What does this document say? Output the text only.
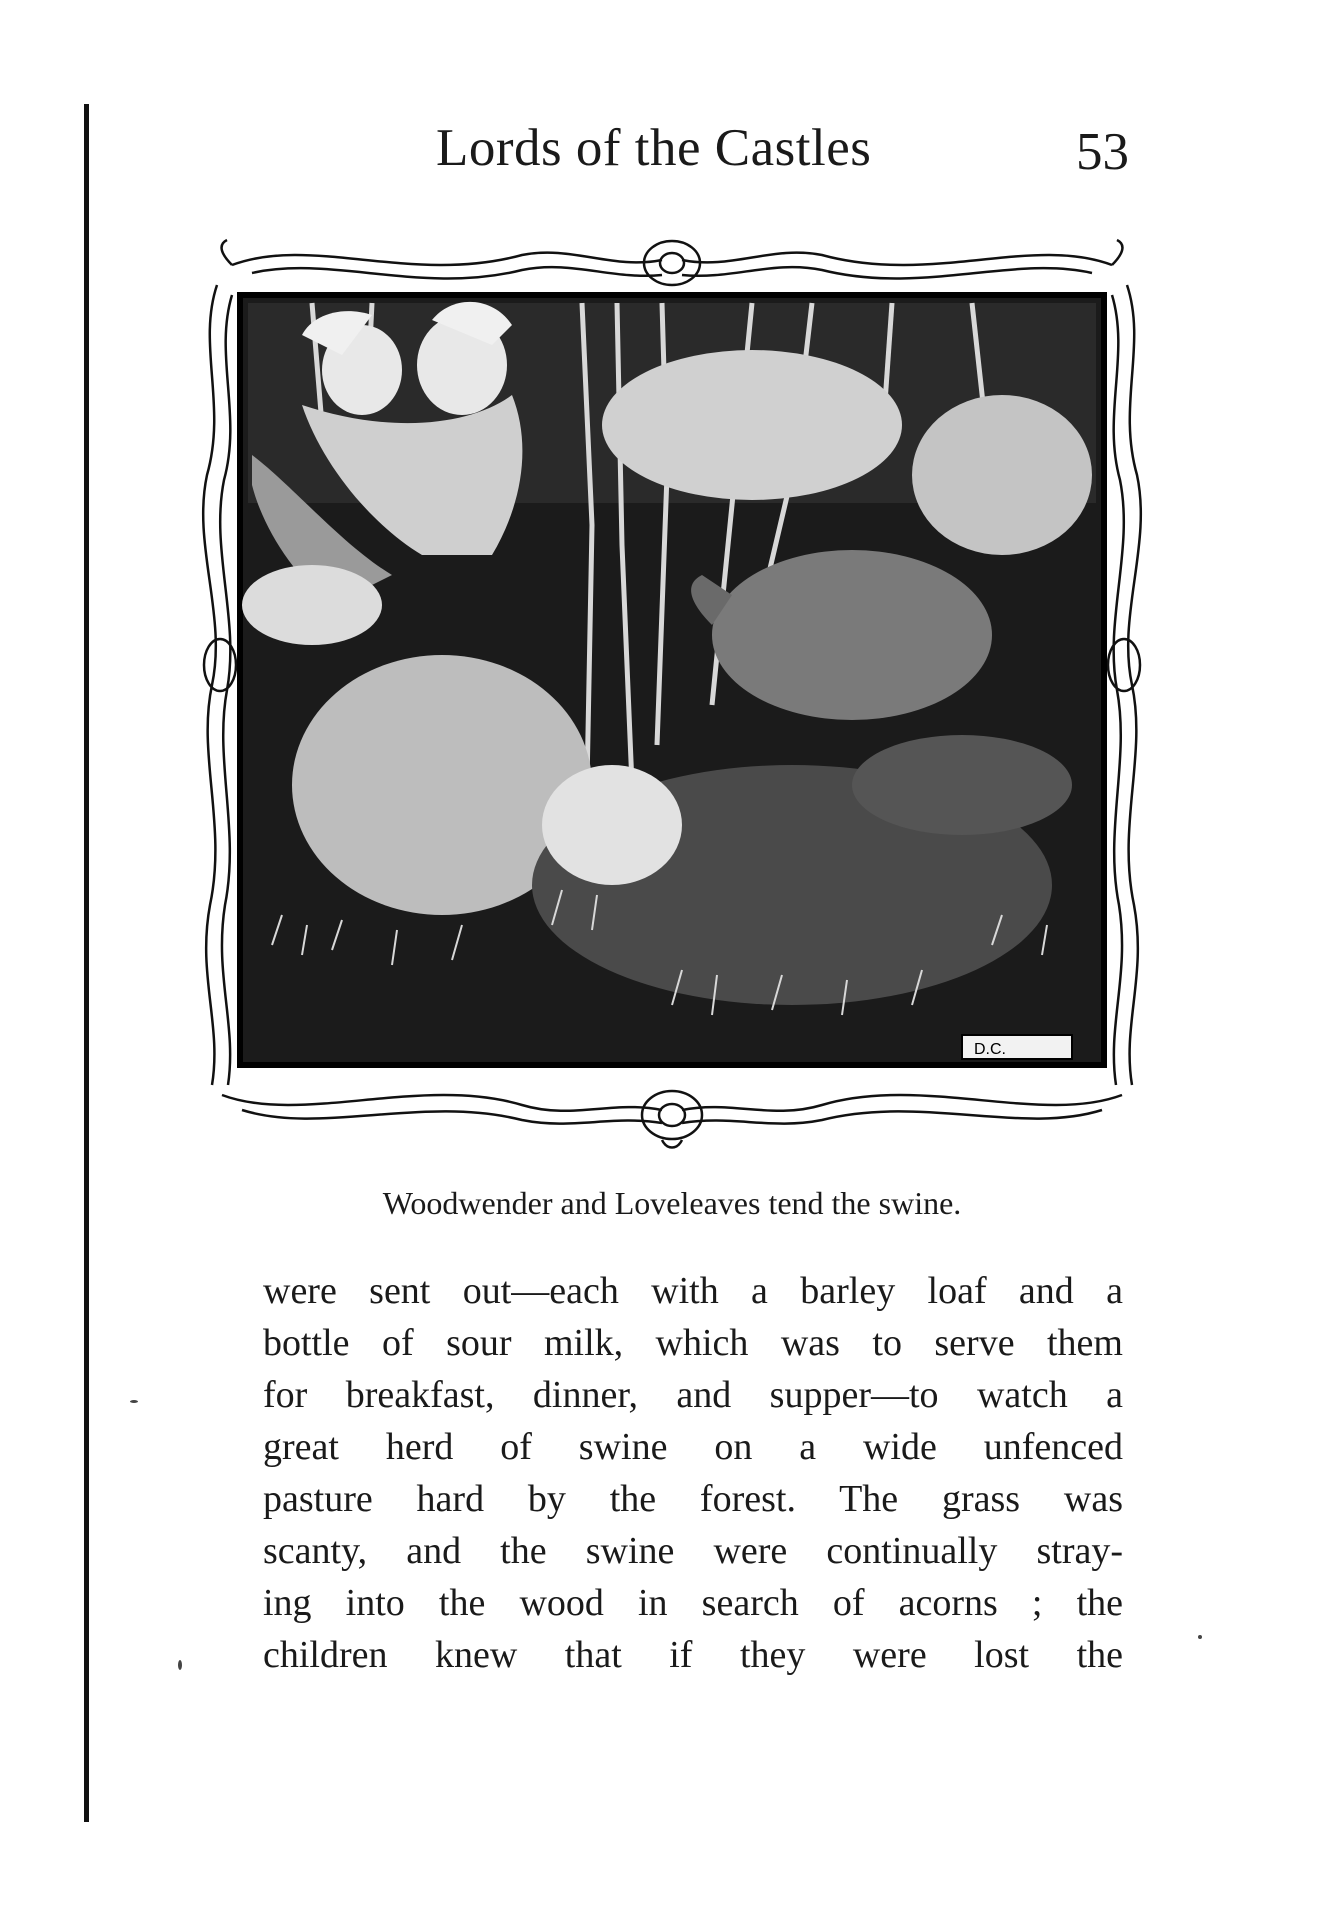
Lords of the Castles	53
D.C.
Woodwender and Loveleaves tend the swine.
were sent out—each with a barley loaf and a
bottle of sour milk, which was to serve them
for breakfast, dinner, and supper—to watch a
great herd of swine on a wide unfenced
pasture hard by the forest. The grass was
scanty, and the swine were continually stray-
ing into the wood in search of acorns ; the
children knew that if they were lost the
